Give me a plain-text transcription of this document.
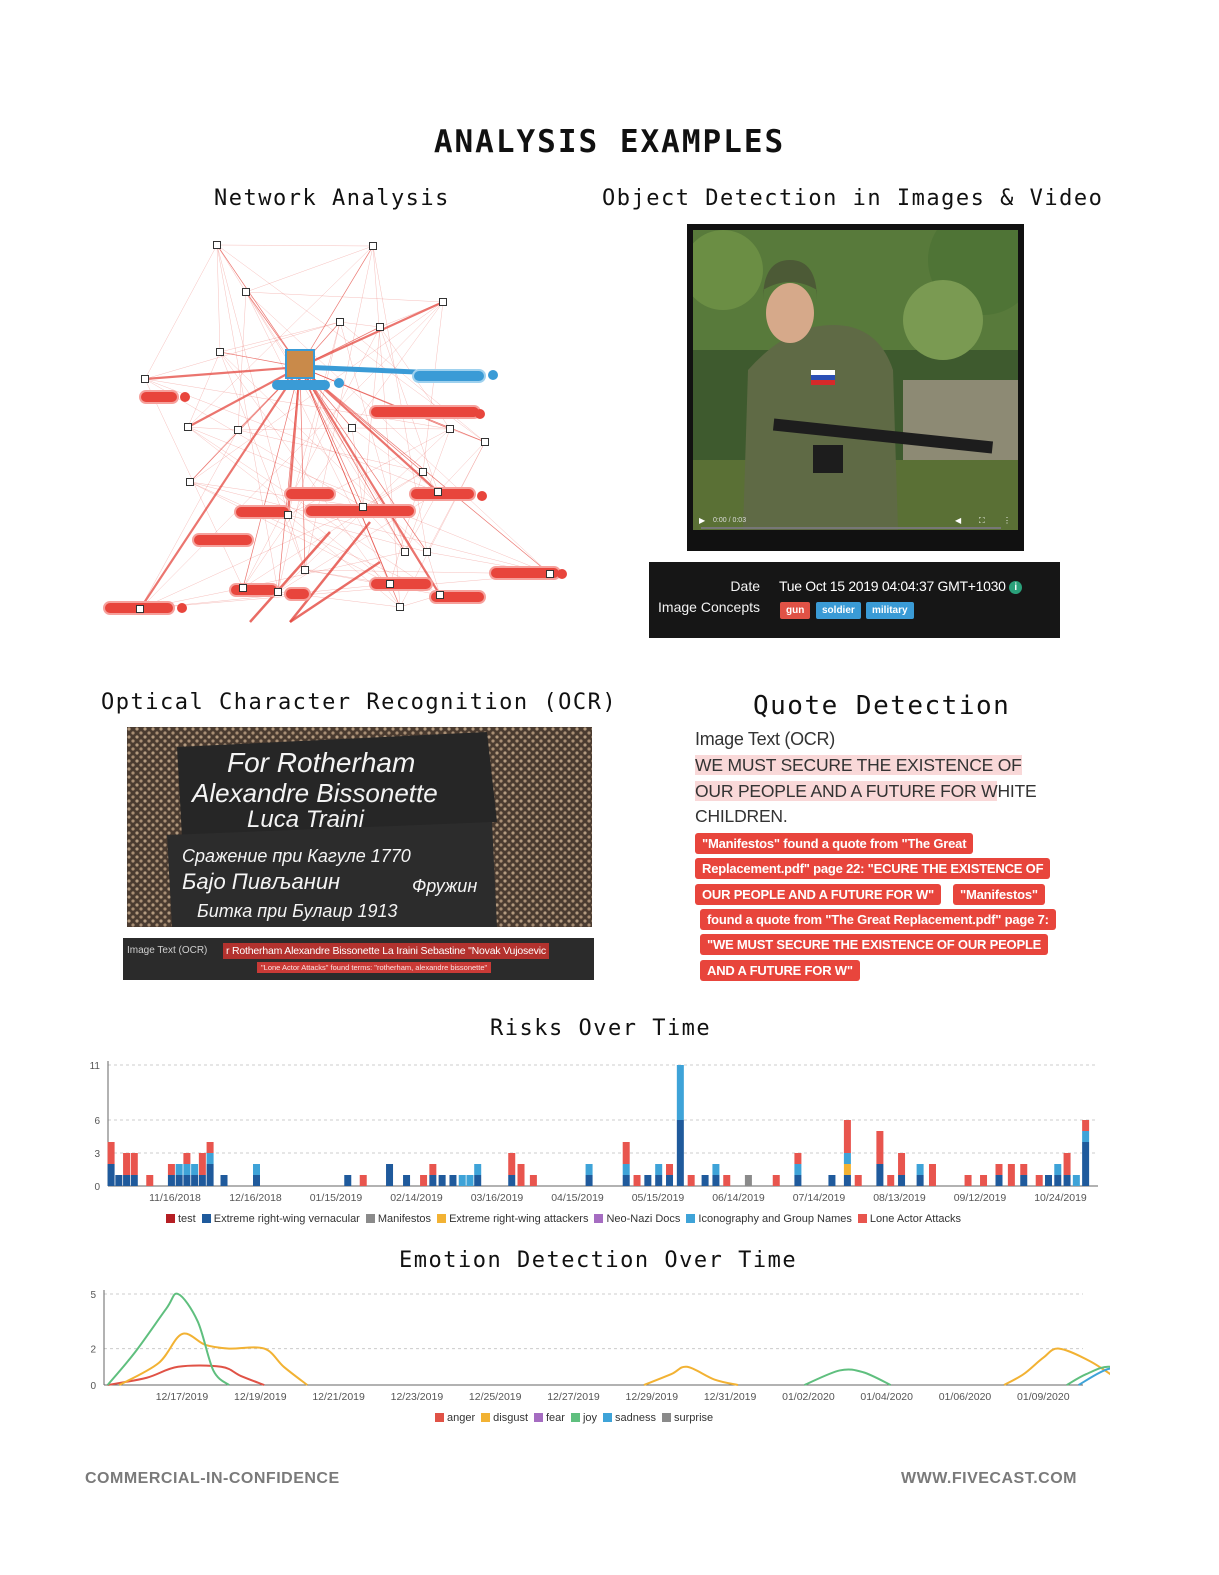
ANALYSIS EXAMPLES
Network Analysis	Object Detection in Images & Video
▶ 0:00 / 0:03	◀ ⛶ ⋮
Date Tue Oct 15 2019 04:04:37 GMT+1030 i
Image Concepts	gun	soldier	military
Optical Character Recognition (OCR)
For Rotherham
Alexandre Bissonette
Luca Traini
Сражение при Кагуле 1770
Бајо Пивљанин
Битка при Булаир 1913
Фружин
Image Text (OCR) r Rotherham Alexandre Bissonette La Iraini Sebastine "Novak Vujosevic
"Lone Actor Attacks" found terms: "rotherham, alexandre bissonette"
Quote Detection
Image Text (OCR)
WE MUST SECURE THE EXISTENCE OF
OUR PEOPLE AND A FUTURE FOR WHITE
CHILDREN.
"Manifestos" found a quote from "The Great
Replacement.pdf" page 22: "ECURE THE EXISTENCE OF
OUR PEOPLE AND A FUTURE FOR W"	"Manifestos"
found a quote from "The Great Replacement.pdf" page 7:
"WE MUST SECURE THE EXISTENCE OF OUR PEOPLE
AND A FUTURE FOR W"
Risks Over Time
0
3
6
11
11/16/2018	12/16/2018	01/15/2019	02/14/2019	03/16/2019	04/15/2019	05/15/2019	06/14/2019	07/14/2019	08/13/2019	09/12/2019	10/24/2019
test Extreme right-wing vernacular Manifestos Extreme right-wing attackers Neo-Nazi Docs Iconography and Group Names Lone Actor Attacks
Emotion Detection Over Time
0
2
5
12/17/2019 12/19/2019 12/21/2019 12/23/2019 12/25/2019 12/27/2019 12/29/2019 12/31/2019 01/02/2020 01/04/2020 01/06/2020 01/09/2020
anger disgust fear joy sadness surprise
COMMERCIAL-IN-CONFIDENCE	WWW.FIVECAST.COM
